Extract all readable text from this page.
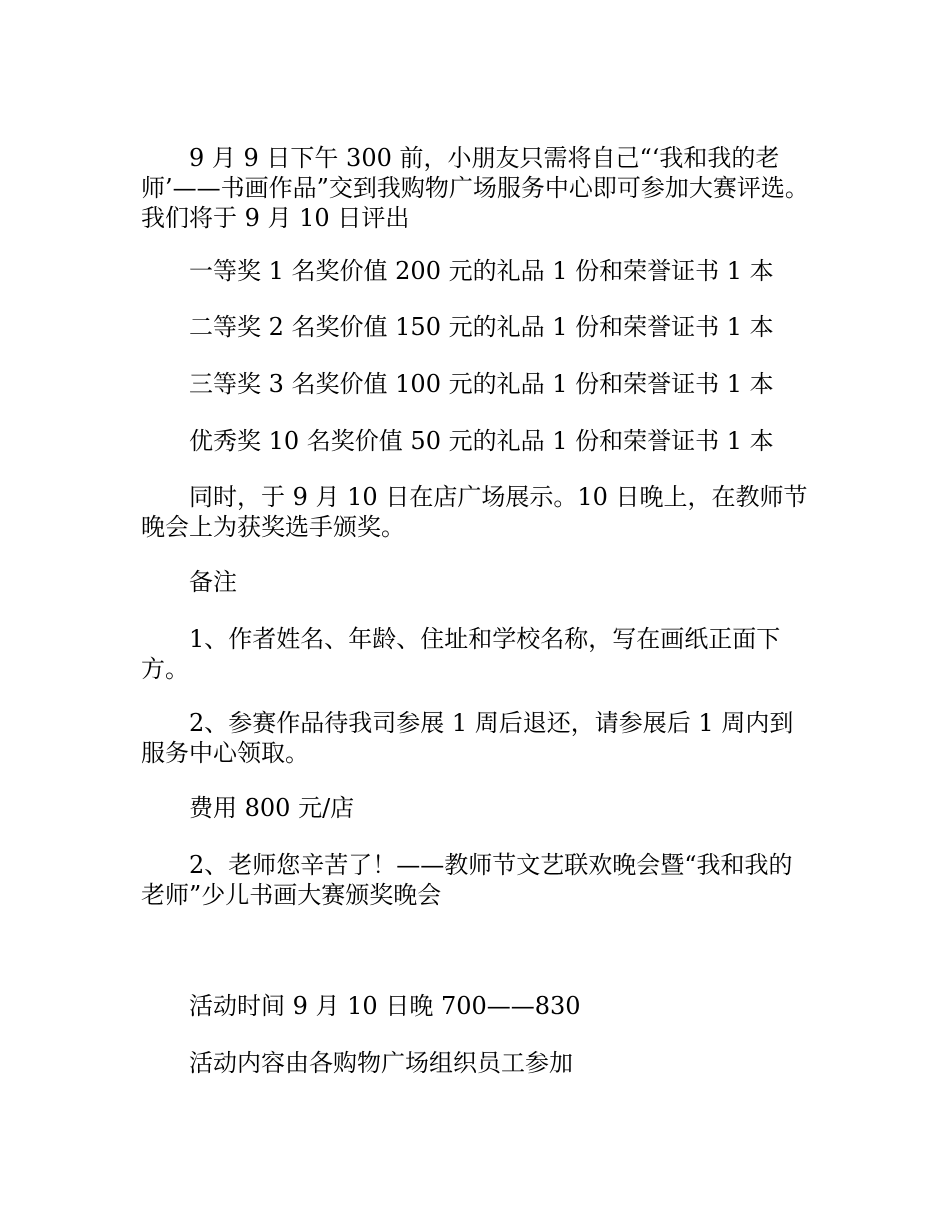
9 月 9 日下午 300 前，小朋友只需将自己“‘我和我的老师’——书画作品”交到我购物广场服务中心即可参加大赛评选。我们将于 9 月 10 日评出

一等奖 1 名奖价值 200 元的礼品 1 份和荣誉证书 1 本

二等奖 2 名奖价值 150 元的礼品 1 份和荣誉证书 1 本

三等奖 3 名奖价值 100 元的礼品 1 份和荣誉证书 1 本

优秀奖 10 名奖价值 50 元的礼品 1 份和荣誉证书 1 本

同时，于 9 月 10 日在店广场展示。10 日晚上，在教师节晚会上为获奖选手颁奖。

备注

1、作者姓名、年龄、住址和学校名称，写在画纸正面下方。

2、参赛作品待我司参展 1 周后退还，请参展后 1 周内到服务中心领取。

费用 800 元/店

2、老师您辛苦了！——教师节文艺联欢晚会暨“我和我的老师”少儿书画大赛颁奖晚会

活动时间 9 月 10 日晚 700——830

活动内容由各购物广场组织员工参加
